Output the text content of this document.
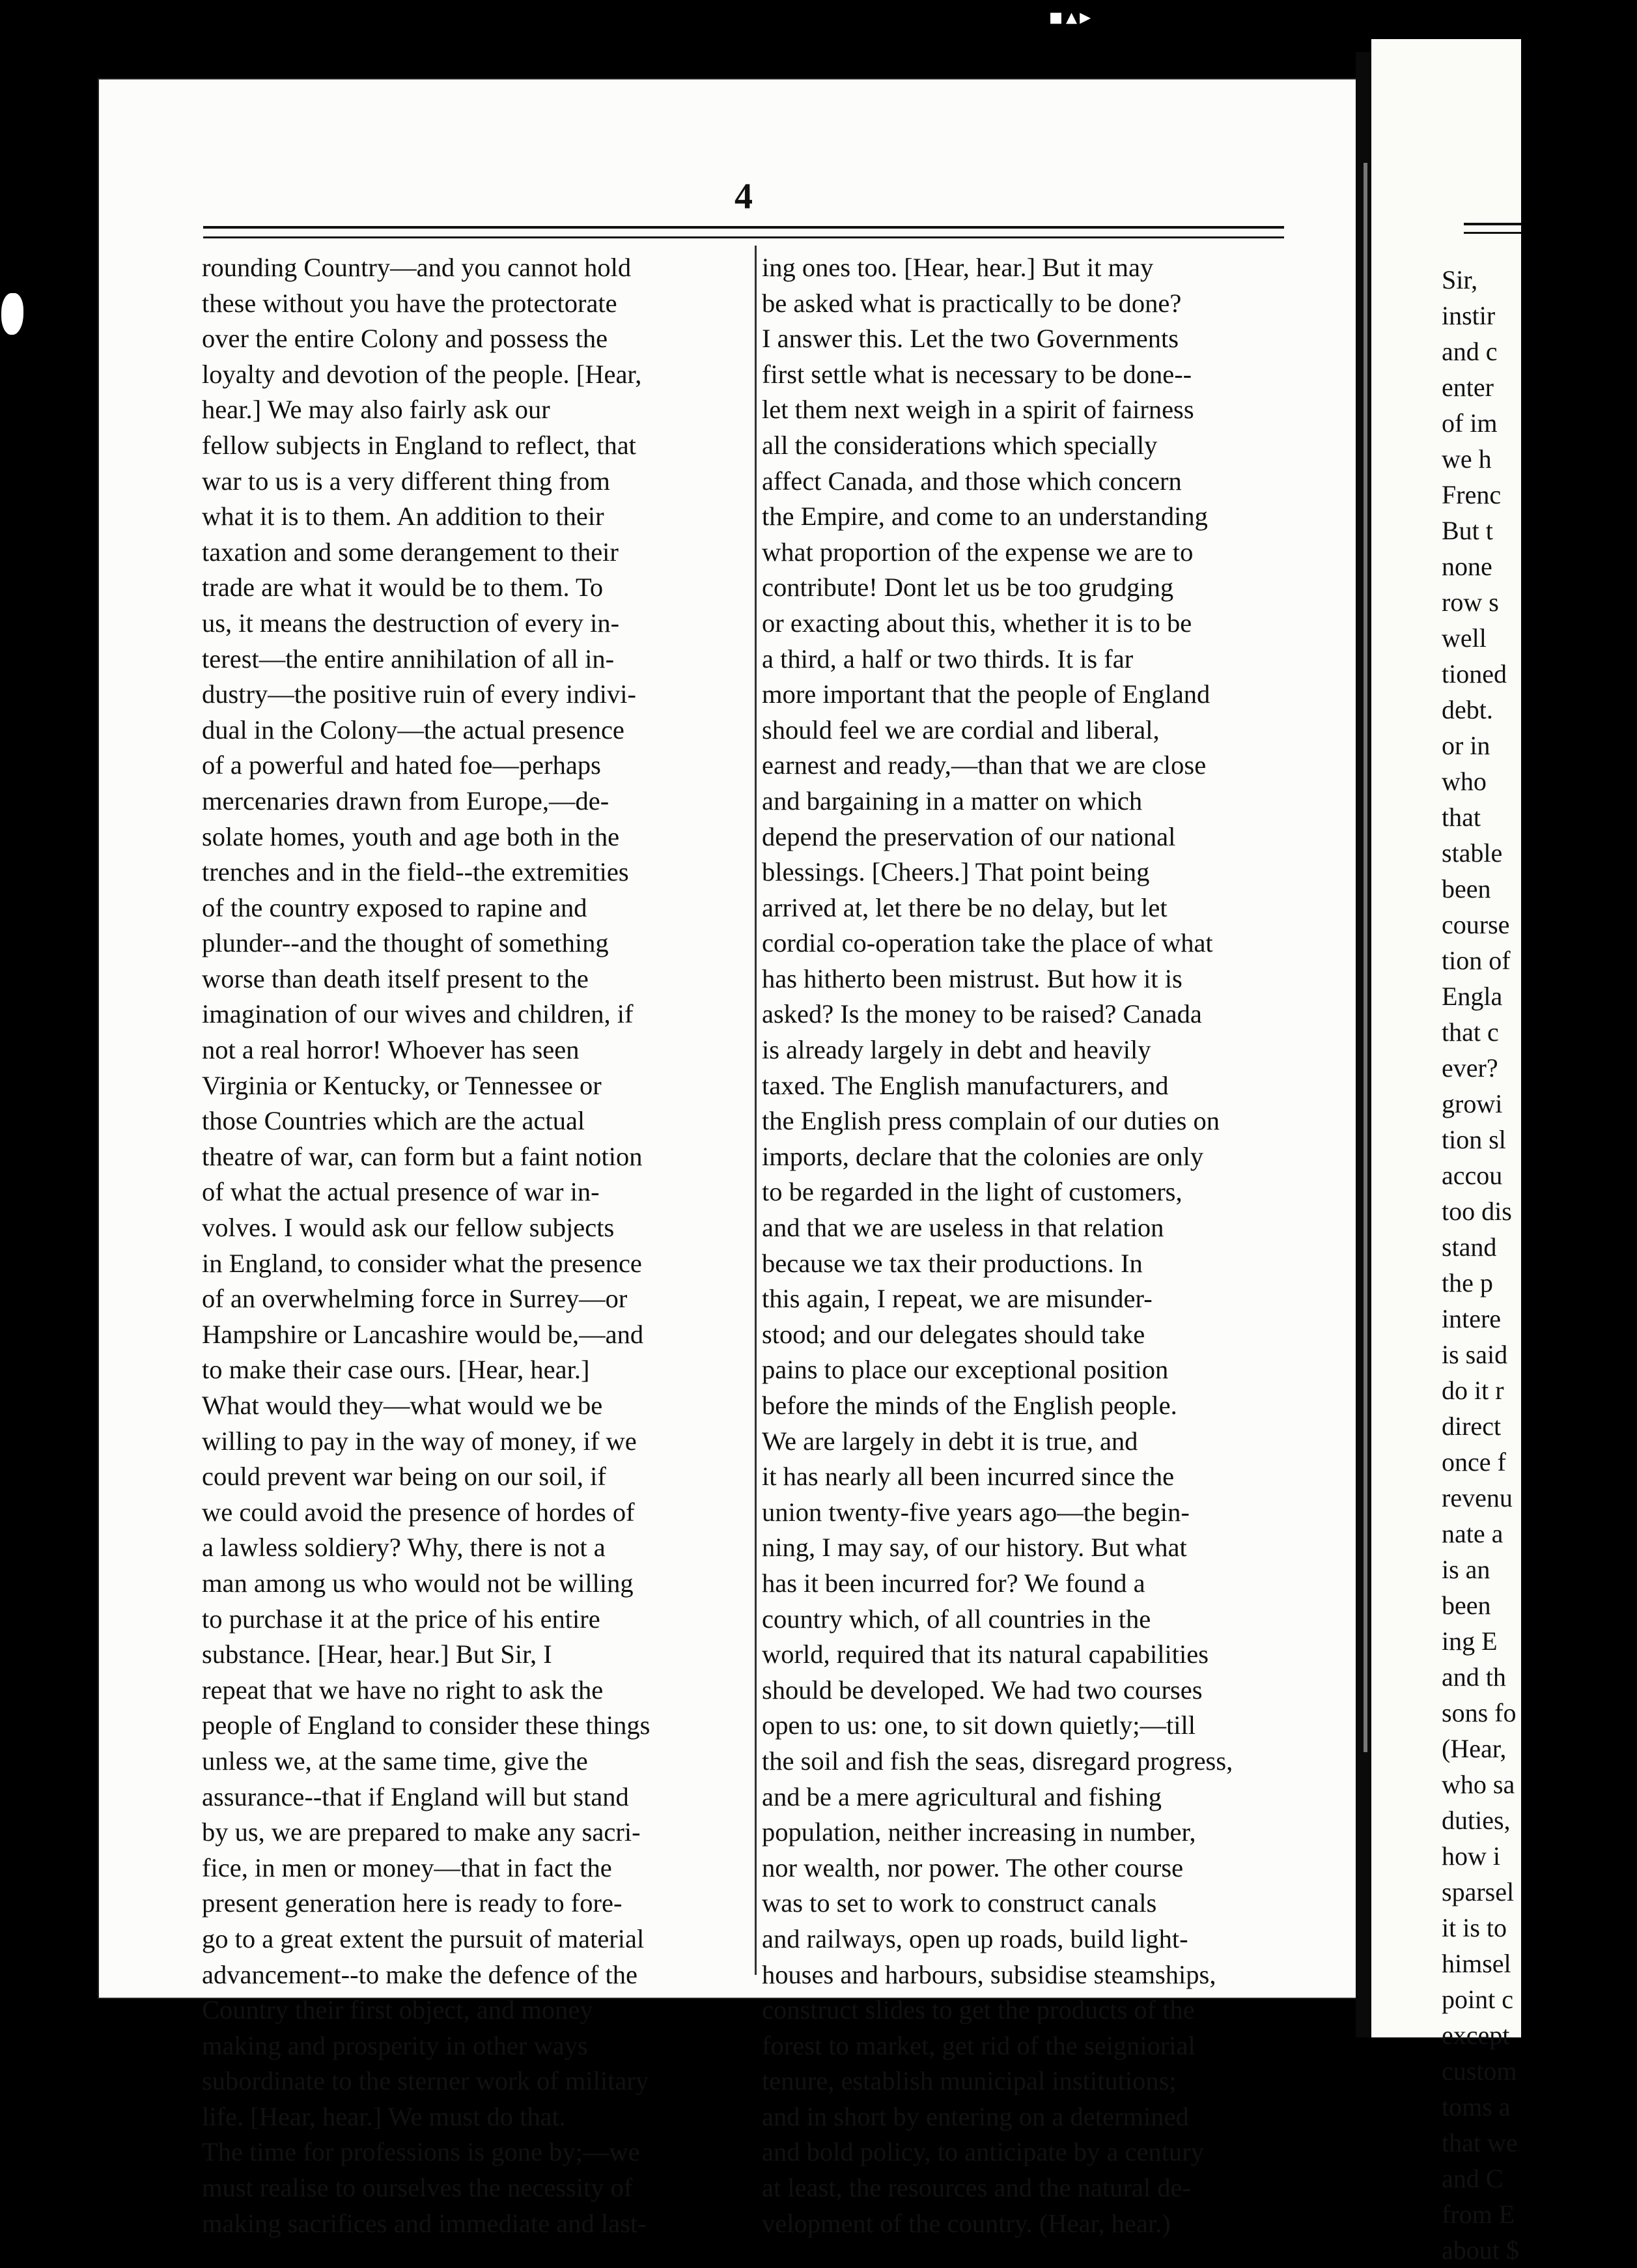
▪▴▸
4
rounding Country—and you cannot hold
these without you have the protectorate
over the entire Colony and possess the
loyalty and devotion of the people. [Hear,
hear.] We may also fairly ask our
fellow subjects in England to reflect, that
war to us is a very different thing from
what it is to them. An addition to their
taxation and some derangement to their
trade are what it would be to them. To
us, it means the destruction of every in-
terest—the entire annihilation of all in-
dustry—the positive ruin of every indivi-
dual in the Colony—the actual presence
of a powerful and hated foe—perhaps
mercenaries drawn from Europe,—de-
solate homes, youth and age both in the
trenches and in the field--the extremities
of the country exposed to rapine and
plunder--and the thought of something
worse than death itself present to the
imagination of our wives and children, if
not a real horror! Whoever has seen
Virginia or Kentucky, or Tennessee or
those Countries which are the actual
theatre of war, can form but a faint notion
of what the actual presence of war in-
volves. I would ask our fellow subjects
in England, to consider what the presence
of an overwhelming force in Surrey—or
Hampshire or Lancashire would be,—and
to make their case ours. [Hear, hear.]
What would they—what would we be
willing to pay in the way of money, if we
could prevent war being on our soil, if
we could avoid the presence of hordes of
a lawless soldiery? Why, there is not a
man among us who would not be willing
to purchase it at the price of his entire
substance. [Hear, hear.] But Sir, I
repeat that we have no right to ask the
people of England to consider these things
unless we, at the same time, give the
assurance--that if England will but stand
by us, we are prepared to make any sacri-
fice, in men or money—that in fact the
present generation here is ready to fore-
go to a great extent the pursuit of material
advancement--to make the defence of the
Country their first object, and money
making and prosperity in other ways
subordinate to the sterner work of military
life. [Hear, hear.] We must do that.
The time for professions is gone by;—we
must realise to ourselves the necessity of
making sacrifices and immediate and last-
ing ones too. [Hear, hear.] But it may
be asked what is practically to be done?
I answer this. Let the two Governments
first settle what is necessary to be done--
let them next weigh in a spirit of fairness
all the considerations which specially
affect Canada, and those which concern
the Empire, and come to an understanding
what proportion of the expense we are to
contribute! Dont let us be too grudging
or exacting about this, whether it is to be
a third, a half or two thirds. It is far
more important that the people of England
should feel we are cordial and liberal,
earnest and ready,—than that we are close
and bargaining in a matter on which
depend the preservation of our national
blessings. [Cheers.] That point being
arrived at, let there be no delay, but let
cordial co-operation take the place of what
has hitherto been mistrust. But how it is
asked? Is the money to be raised? Canada
is already largely in debt and heavily
taxed. The English manufacturers, and
the English press complain of our duties on
imports, declare that the colonies are only
to be regarded in the light of customers,
and that we are useless in that relation
because we tax their productions. In
this again, I repeat, we are misunder-
stood; and our delegates should take
pains to place our exceptional position
before the minds of the English people.
We are largely in debt it is true, and
it has nearly all been incurred since the
union twenty-five years ago—the begin-
ning, I may say, of our history. But what
has it been incurred for? We found a
country which, of all countries in the
world, required that its natural capabilities
should be developed. We had two courses
open to us: one, to sit down quietly;—till
the soil and fish the seas, disregard progress,
and be a mere agricultural and fishing
population, neither increasing in number,
nor wealth, nor power. The other course
was to set to work to construct canals
and railways, open up roads, build light-
houses and harbours, subsidise steamships,
construct slides to get the products of the
forest to market, get rid of the seigniorial
tenure, establish municipal institutions;
and in short by entering on a determined
and bold policy, to anticipate by a century
at least, the resources and the natural de-
velopment of the country. (Hear, hear.)
Sir,
instir
and c
enter
of im
we h
Frenc
But t
none
row s
well
tioned
debt.
or in
who
that
stable
been
course
tion of
Engla
that c
ever?
growi
tion sl
accou
too dis
stand
the p
intere
is said
do it r
direct
once f
revenu
nate a
is an
been
ing E
and th
sons fo
(Hear,
who sa
duties,
how i
sparsel
it is to
himsel
point c
except
custom
toms a
that we
and C
from E
about $
